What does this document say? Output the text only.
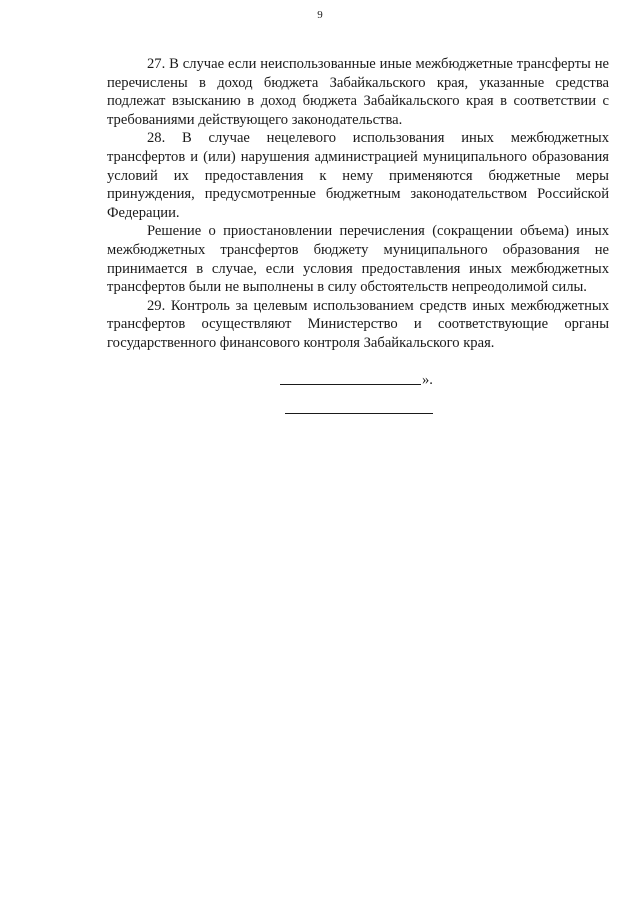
9

27. В случае если неиспользованные иные межбюджетные трансферты не перечислены в доход бюджета Забайкальского края, указанные средства подлежат взысканию в доход бюджета Забайкальского края в соответствии с требованиями действующего законодательства.

28. В случае нецелевого использования иных межбюджетных трансфертов и (или) нарушения администрацией муниципального образования условий их предоставления к нему применяются бюджетные меры принуждения, предусмотренные бюджетным законодательством Российской Федерации.

Решение о приостановлении перечисления (сокращении объема) иных межбюджетных трансфертов бюджету муниципального образования не принимается в случае, если условия предоставления иных межбюджетных трансфертов были не выполнены в силу обстоятельств непреодолимой силы.

29. Контроль за целевым использованием средств иных межбюджетных трансфертов осуществляют Министерство и соответствующие органы государственного финансового контроля Забайкальского края.

».
